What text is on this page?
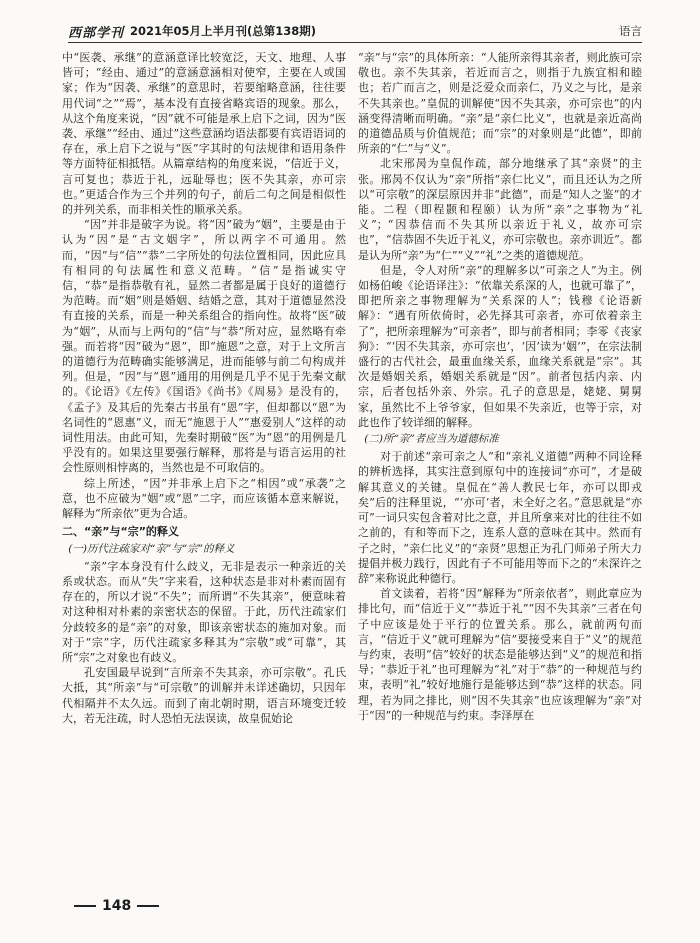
西部学刊 2021年05月上半月刊(总第138期)	语言

中“医袭、承继”的意涵意译比较宽泛，天文、地理、人事皆可；“经由、通过”的意涵意涵相对使窄，主要在人或国家；作为“因袭、承继”的意思时，若要缩略意涵，往往要用代词“之”“焉”，基本没有直接省略宾语的现象。那么，从这个角度来说，“因”就不可能是承上启下之词，因为“医袭、承继”“经由、通过”这些意涵均语法都要有宾语语词的存在，承上启下之说与“医”字其时的句法规律和语用条件等方面特征相抵牾。从篇章结构的角度来说，“信近于义，言可复也；恭近于礼，远耻辱也；医不失其亲，亦可宗也。”更适合作为三个并列的句子，前后二句之间是相似性的并列关系，而非相关性的顺承关系。

“因”并非是破字为说。将“因”破为“姻”，主要是由于认为“因”是“古文姻字”，所以两字不可通用。然而，“因”与“信”“恭”二字所处的句法位置相同，因此应具有相同的句法属性和意义范畴。“信”是指诚实守信，“恭”是指恭敬有礼，显然二者都是属于良好的道德行为范畴。而“姻”则是婚姻、结婚之意，其对于道德显然没有直接的关系，而是一种关系组合的指向性。故将“医”破为“姻”，从而与上两句的“信”与“恭”所对应，显然略有牵强。而若将“因”破为“恩”，即“施恩”之意，对于上文所言的道德行为范畴确实能够满足，进而能够与前二句构成并列。但是，“因”与“恩”通用的用例是几乎不见于先秦文献的。《论语》《左传》《国语》《尚书》《周易》是没有的，《孟子》及其后的先秦古书虽有“恩”字，但却都以“恩”为名词性的“恩惠”义，而无“施恩于人”“惠爱别人”这样的动词性用法。由此可知，先秦时期破“医”为“恩”的用例是几乎没有的。如果这里要强行解释，那将是与语言运用的社会性原则相悖离的，当然也是不可取信的。

综上所述，“因”并非承上启下之“相因”或“承袭”之意，也不应破为“姻”或“恩”二字，而应该循本意来解说，解释为“所亲依”更为合适。

二、“亲”与“宗”的释义

(一)历代注疏家对“亲”与“宗”的释义

“亲”字本身没有什么歧义，无非是表示一种亲近的关系或状态。而从“失”字来看，这种状态是非对朴素而固有存在的，所以才说“不失”；而所谓“不失其亲”，便意味着对这种相对朴素的亲密状态的保留。于此，历代注疏家们分歧较多的是“亲”的对象，即该亲密状态的施加对象。而对于“宗”字，历代注疏家多释其为“宗敬”或“可靠”，其所“宗”之对象也有歧义。

孔安国最早说到“言所亲不失其亲，亦可宗敬”。孔氏大抵，其“所亲”与“可宗敬”的训解并未详述确切，只因年代相隔并不太久远。而到了南北朝时期，语言环境变迁较大，若无注疏，时人恐怕无法误读，故皇侃始论

“亲”与“宗”的具体所亲：“人能所亲得其亲者，则此族可宗敬也。亲不失其亲，若近而言之，则指于九族宜相和睦也；若广而言之，则是泛爱众而亲仁，乃义之与比，是亲不失其亲也。”皇侃的训解使“因不失其亲，亦可宗也”的内涵变得清晰而明确。“亲”是“亲仁比义”，也就是亲近高尚的道德品质与价值规范；而“宗”的对象则是“此德”，即前所亲的“仁”与“义”。

北宋邢昺为皇侃作疏，部分地继承了其“亲贤”的主张。邢昺不仅认为“亲”所指“亲仁比义”，而且还认为之所以“可宗敬”的深层原因并非“此德”，而是“知人之鉴”的才能。二程（即程颢和程颐）认为所“亲”之事物为“礼义”；“因恭信而不失其所以亲近于礼义，故亦可宗也”，“信恭固不失近于礼义，亦可宗敬也。亲亦训近”。都是认为所“亲”为“仁”“义”“礼”之类的道德规范。

但是，令人对所“亲”的理解多以“可亲之人”为主。例如杨伯峻《论语译注》：“依靠关系深的人，也就可靠了”，即把所亲之事物理解为“关系深的人”；钱穆《论语新解》：“遇有所依倚时，必先择其可亲者，亦可依着亲主了”，把所亲理解为“可亲者”，即与前者相同；李零《丧家狗》：“‘因不失其亲，亦可宗也’，‘因’读为‘姻’”，在宗法制盛行的古代社会，最重血缘关系，血缘关系就是“宗”。其次是婚姻关系，婚姻关系就是“因”。前者包括内亲、内宗，后者包括外亲、外宗。孔子的意思是，姥姥、舅舅家，虽然比不上爷爷家，但如果不失亲近，也等于宗，对此也作了较详细的解释。

(二)所“亲”者应当为道德标准

对于前述“亲可亲之人”和“亲礼义道德”两种不同诠释的辨析选择，其实注意到原句中的连接词“亦可”，才是破解其意义的关键。皇侃在“善人教民七年，亦可以即戎矣”后的注释里说，“‘亦可’者，未全好之名。”意思就是“亦可”一词只实包含着对比之意，并且所拿来对比的往往不如之前的，有和等而下之，连系人意的意味在其中。然而有子之时，“亲仁比义”的“亲贤”思想正为孔门师弟子所大力提倡并极力践行，因此有子不可能用等而下之的“未深许之辞”来称说此种德行。

首文读着，若将“因”解释为“所亲依者”，则此章应为排比句，而“信近于义”“恭近于礼”“因不失其亲”三者在句子中应该是处于平行的位置关系。那么，就前两句而言，“信近于义”就可理解为“信”要接受来自于“义”的规范与约束，表明“信”较好的状态是能够达到“义”的规范和指导；“恭近于礼”也可理解为“礼”对于“恭”的一种规范与约束，表明“礼”较好地施行是能够达到“恭”这样的状态。同理，若为同之排比，则“因不失其亲”也应该理解为“亲”对于“因”的一种规范与约束。李泽厚在

148
